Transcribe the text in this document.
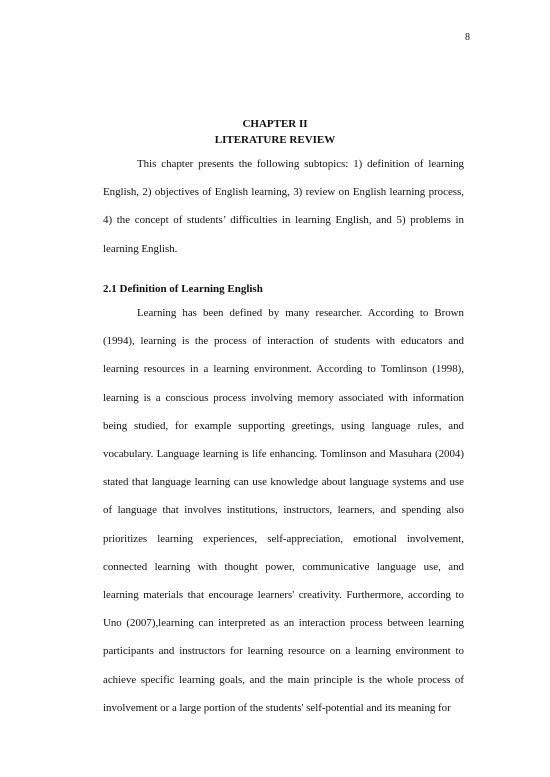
8
CHAPTER II
LITERATURE REVIEW

This chapter presents the following subtopics: 1) definition of learning English, 2) objectives of English learning, 3) review on English learning process, 4) the concept of students’ difficulties in learning English, and 5) problems in learning English.

2.1 Definition of Learning English

Learning has been defined by many researcher. According to Brown (1994), learning is the process of interaction of students with educators and learning resources in a learning environment. According to Tomlinson (1998), learning is a conscious process involving memory associated with information being studied, for example supporting greetings, using language rules, and vocabulary. Language learning is life enhancing. Tomlinson and Masuhara (2004) stated that language learning can use knowledge about language systems and use of language that involves institutions, instructors, learners, and spending also prioritizes learning experiences, self-appreciation, emotional involvement, connected learning with thought power, communicative language use, and learning materials that encourage learners' creativity. Furthermore, according to Uno (2007),learning can interpreted as an interaction process between learning participants and instructors for learning resource on a learning environment to achieve specific learning goals, and the main principle is the whole process of involvement or a large portion of the students' self-potential and its meaning for
